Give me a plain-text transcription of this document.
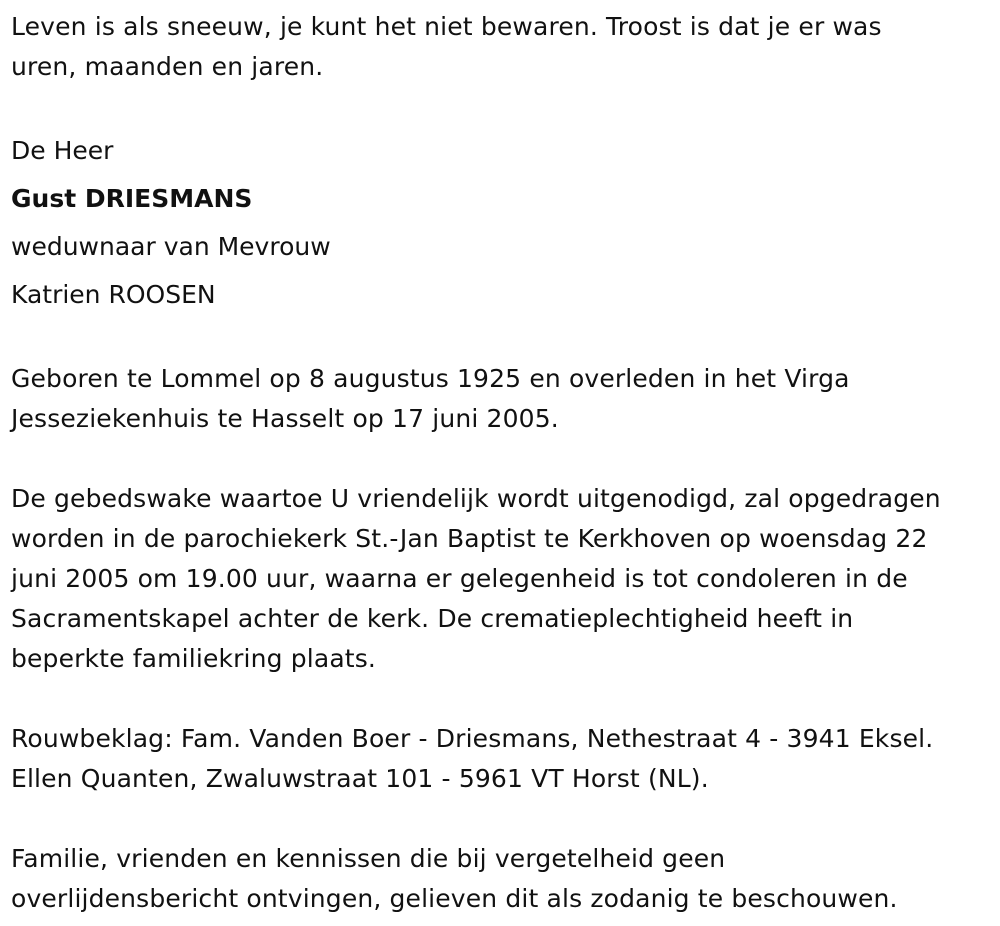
Leven is als sneeuw, je kunt het niet bewaren. Troost is dat je er was
uren, maanden en jaren.

De Heer
Gust DRIESMANS
weduwnaar van Mevrouw
Katrien ROOSEN

Geboren te Lommel op 8 augustus 1925 en overleden in het Virga
Jesseziekenhuis te Hasselt op 17 juni 2005.

De gebedswake waartoe U vriendelijk wordt uitgenodigd, zal opgedragen
worden in de parochiekerk St.-Jan Baptist te Kerkhoven op woensdag 22
juni 2005 om 19.00 uur, waarna er gelegenheid is tot condoleren in de
Sacramentskapel achter de kerk. De crematieplechtigheid heeft in
beperkte familiekring plaats.

Rouwbeklag: Fam. Vanden Boer - Driesmans, Nethestraat 4 - 3941 Eksel.
Ellen Quanten, Zwaluwstraat 101 - 5961 VT Horst (NL).

Familie, vrienden en kennissen die bij vergetelheid geen
overlijdensbericht ontvingen, gelieven dit als zodanig te beschouwen.
